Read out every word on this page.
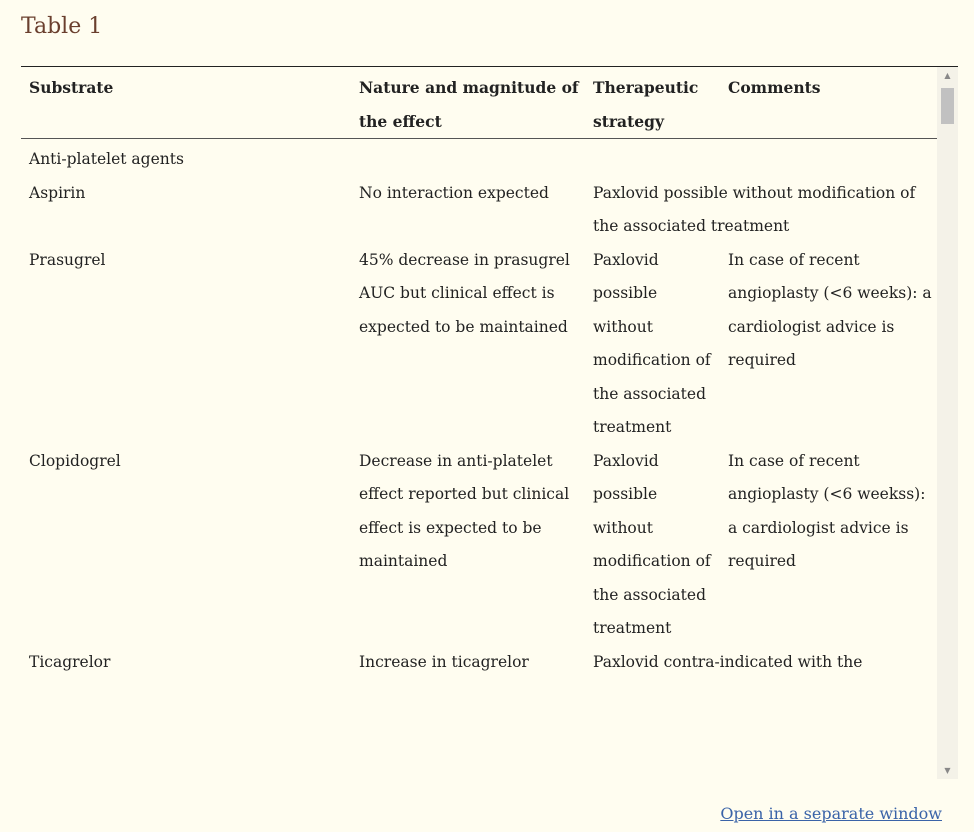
Table 1
Substrate	Nature and magnitude of the effect	Therapeutic strategy	Comments

Anti-platelet agents			
Aspirin	No interaction expected	Paxlovid possible without modification of the associated treatment	
Prasugrel	45% decrease in prasugrel AUC but clinical effect is expected to be maintained	Paxlovid possible without modification of the associated treatment	In case of recent angioplasty (<6 weeks): a cardiologist advice is required
Clopidogrel	Decrease in anti-platelet effect reported but clinical effect is expected to be maintained	Paxlovid possible without modification of the associated treatment	In case of recent angioplasty (<6 weekss): a cardiologist advice is required
Ticagrelor	Increase in ticagrelor	Paxlovid contra-indicated with the	
▲
▼
Open in a separate window
